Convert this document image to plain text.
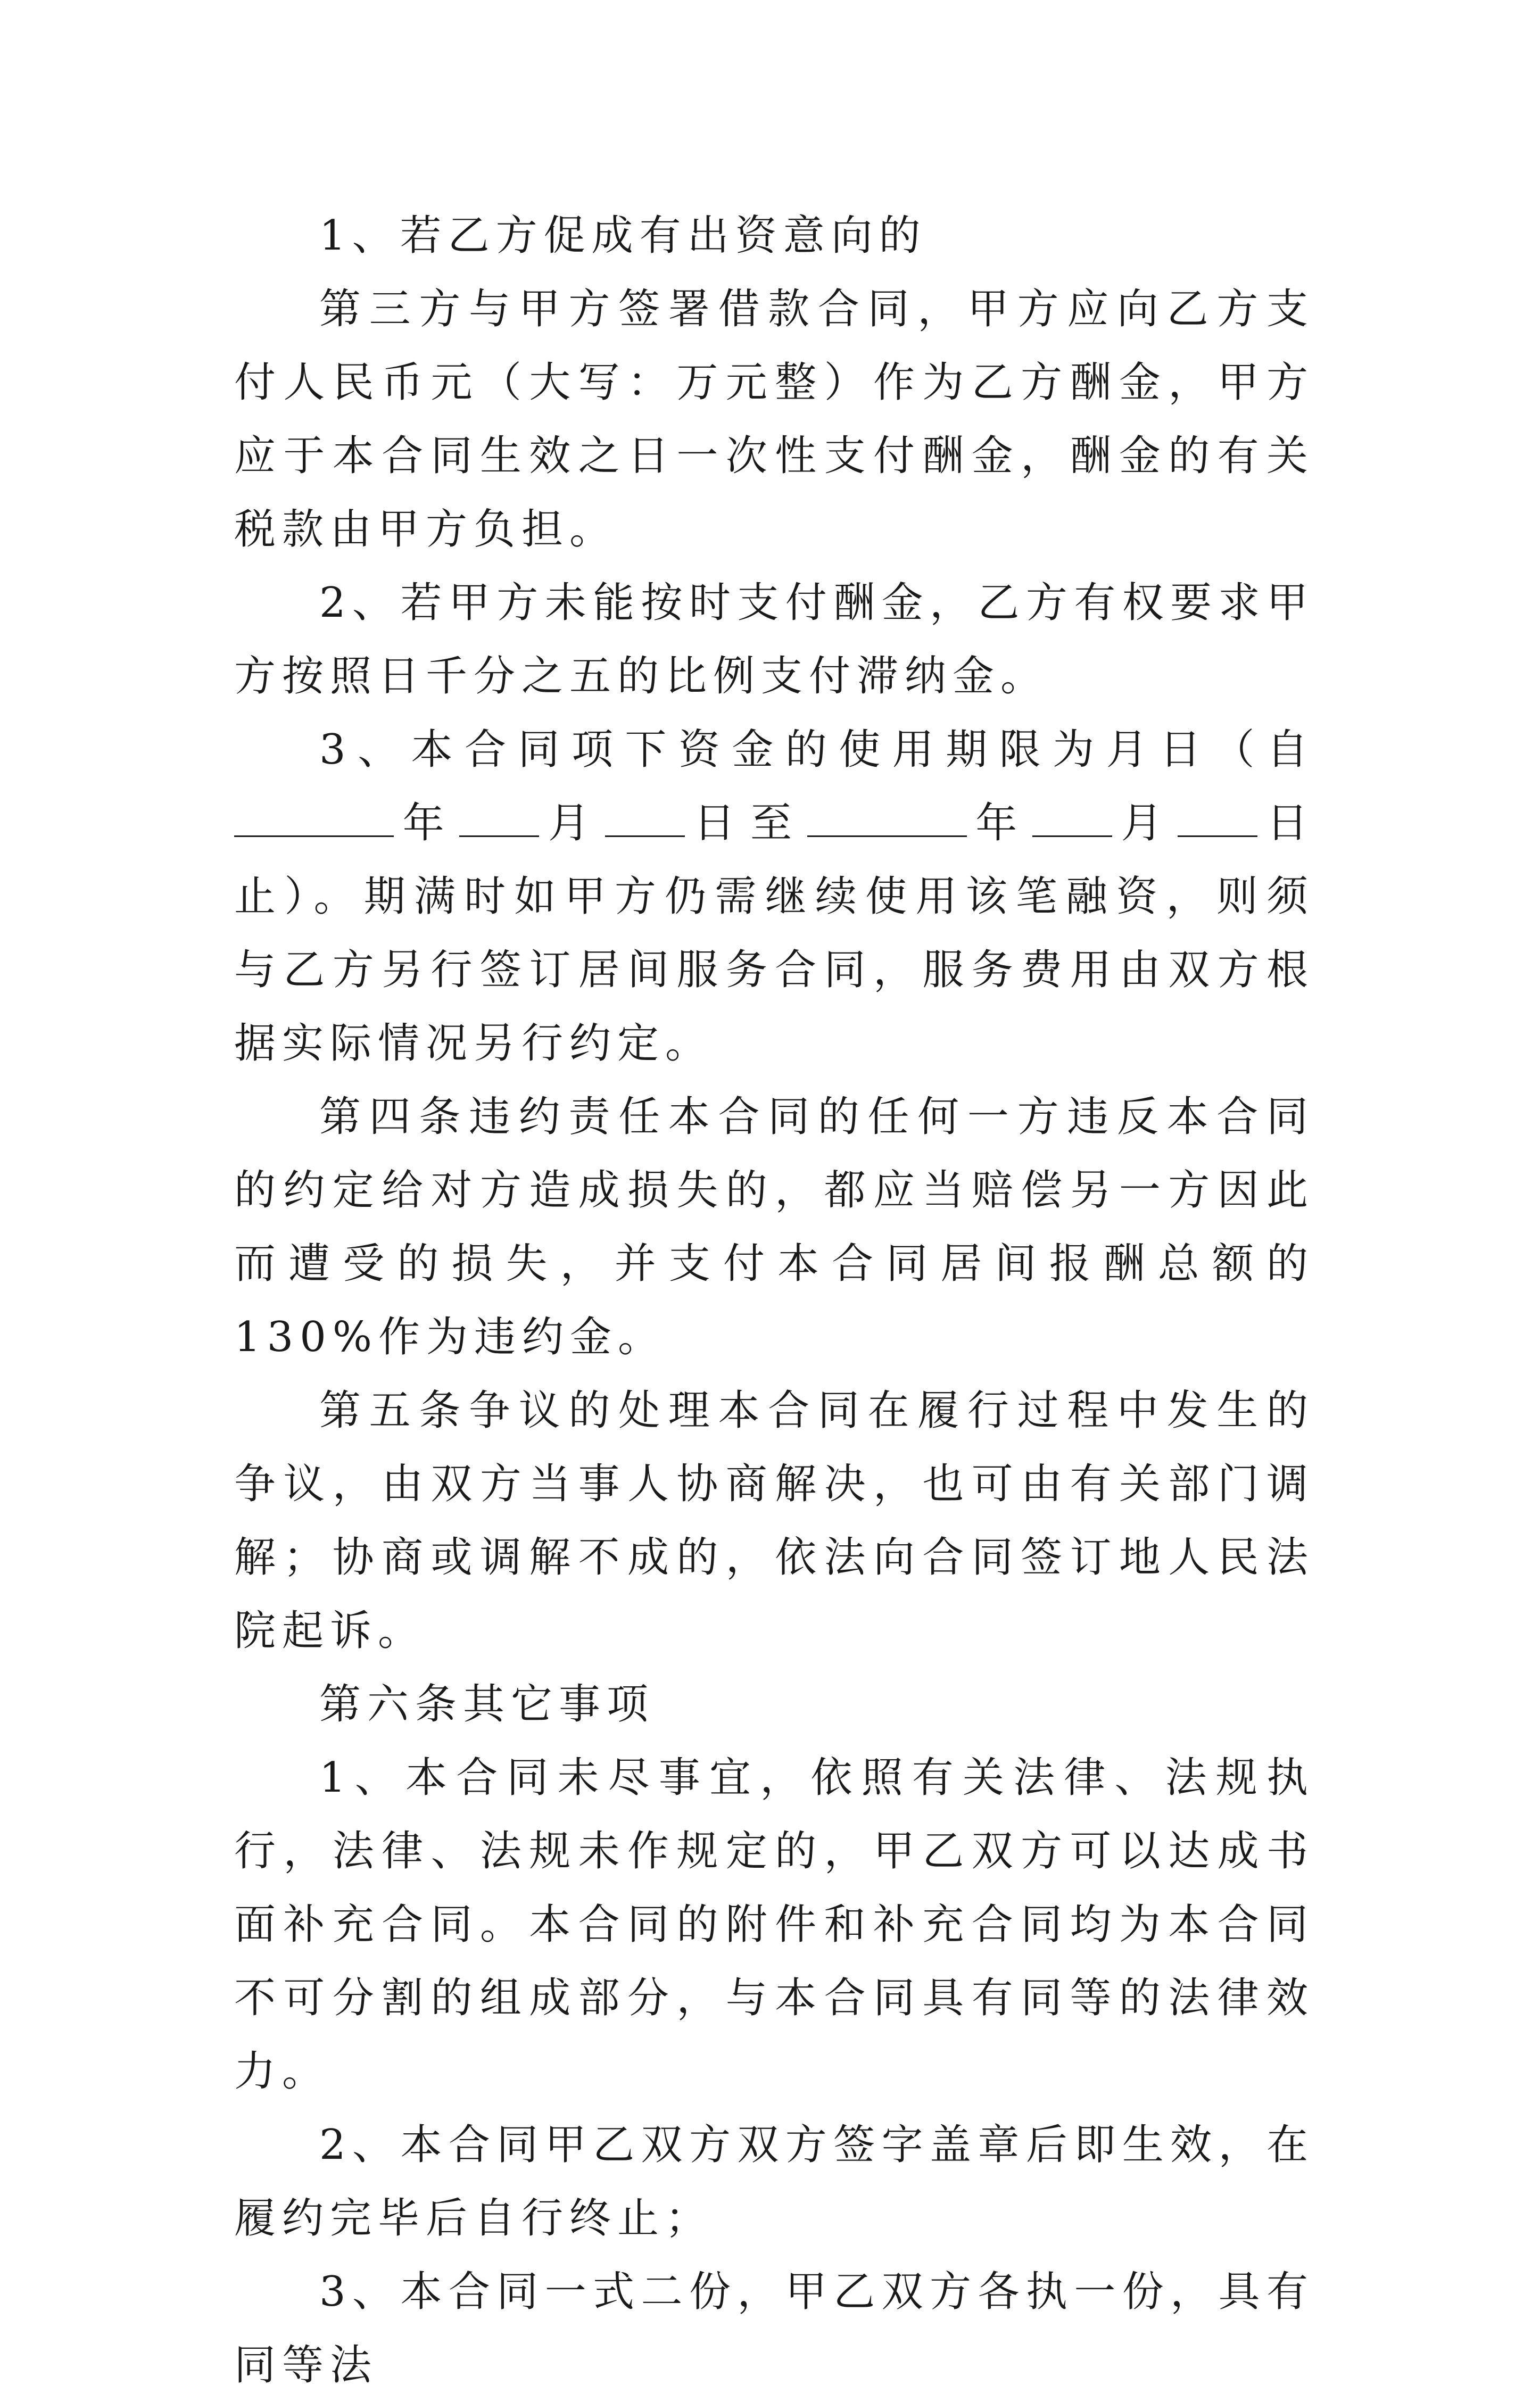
1、若乙方促成有出资意向的

第三方与甲方签署借款合同，甲方应向乙方支付人民币元（大写：万元整）作为乙方酬金，甲方应于本合同生效之日一次性支付酬金，酬金的有关税款由甲方负担。

2、若甲方未能按时支付酬金，乙方有权要求甲方按照日千分之五的比例支付滞纳金。

3、本合同项下资金的使用期限为月日（自年 月 日至	年 月 日止）。期满时如甲方仍需继续使用该笔融资，则须与乙方另行签订居间服务合同，服务费用由双方根据实际情况另行约定。

第四条违约责任本合同的任何一方违反本合同的约定给对方造成损失的，都应当赔偿另一方因此而遭受的损失，并支付本合同居间报酬总额的130%作为违约金。

第五条争议的处理本合同在履行过程中发生的争议，由双方当事人协商解决，也可由有关部门调解；协商或调解不成的，依法向合同签订地人民法院起诉。

第六条其它事项

1、本合同未尽事宜，依照有关法律、法规执行，法律、法规未作规定的，甲乙双方可以达成书面补充合同。本合同的附件和补充合同均为本合同不可分割的组成部分，与本合同具有同等的法律效力。

2、本合同甲乙双方双方签字盖章后即生效，在履约完毕后自行终止；

3、本合同一式二份，甲乙双方各执一份，具有同等法
